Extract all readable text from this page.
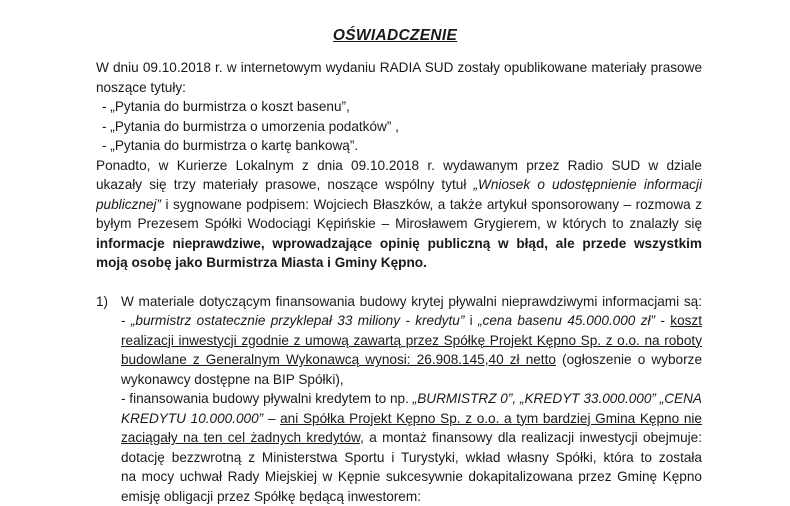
OŚWIADCZENIE
W dniu 09.10.2018 r. w internetowym wydaniu RADIA SUD zostały opublikowane materiały prasowe
noszące tytuły:
- „Pytania do burmistrza o koszt basenu”,
- „Pytania do burmistrza o umorzenia podatków” ,
- „Pytania do burmistrza o kartę bankową”.
Ponadto, w Kurierze Lokalnym z dnia 09.10.2018 r. wydawanym przez Radio SUD w dziale
ukazały się trzy materiały prasowe, noszące wspólny tytuł „Wniosek o udostępnienie informacji
publicznej” i sygnowane podpisem: Wojciech Błaszków, a także artykuł sponsorowany – rozmowa z
byłym Prezesem Spółki Wodociągi Kępińskie – Mirosławem Grygierem, w których to znalazły się
informacje nieprawdziwe, wprowadzające opinię publiczną w błąd, ale przede wszystkim
moją osobę jako Burmistrza Miasta i Gminy Kępno.
1) W materiale dotyczącym finansowania budowy krytej pływalni nieprawdziwymi informacjami są:
- „burmistrz ostatecznie przyklepał 33 miliony - kredytu” i „cena basenu 45.000.000 zł” - koszt
realizacji inwestycji zgodnie z umową zawartą przez Spółkę Projekt Kępno Sp. z o.o. na roboty
budowlane z Generalnym Wykonawcą wynosi: 26.908.145,40 zł netto (ogłoszenie o wyborze
wykonawcy dostępne na BIP Spółki),
- finansowania budowy pływalni kredytem to np. „BURMISTRZ 0”, „KREDYT 33.000.000” „CENA
KREDYTU 10.000.000” – ani Spółka Projekt Kępno Sp. z o.o. a tym bardziej Gmina Kępno nie
zaciągały na ten cel żadnych kredytów, a montaż finansowy dla realizacji inwestycji obejmuje:
dotację bezzwrotną z Ministerstwa Sportu i Turystyki, wkład własny Spółki, która to została
na mocy uchwał Rady Miejskiej w Kępnie sukcesywnie dokapitalizowana przez Gminę Kępno
emisję obligacji przez Spółkę będącą inwestorem:
